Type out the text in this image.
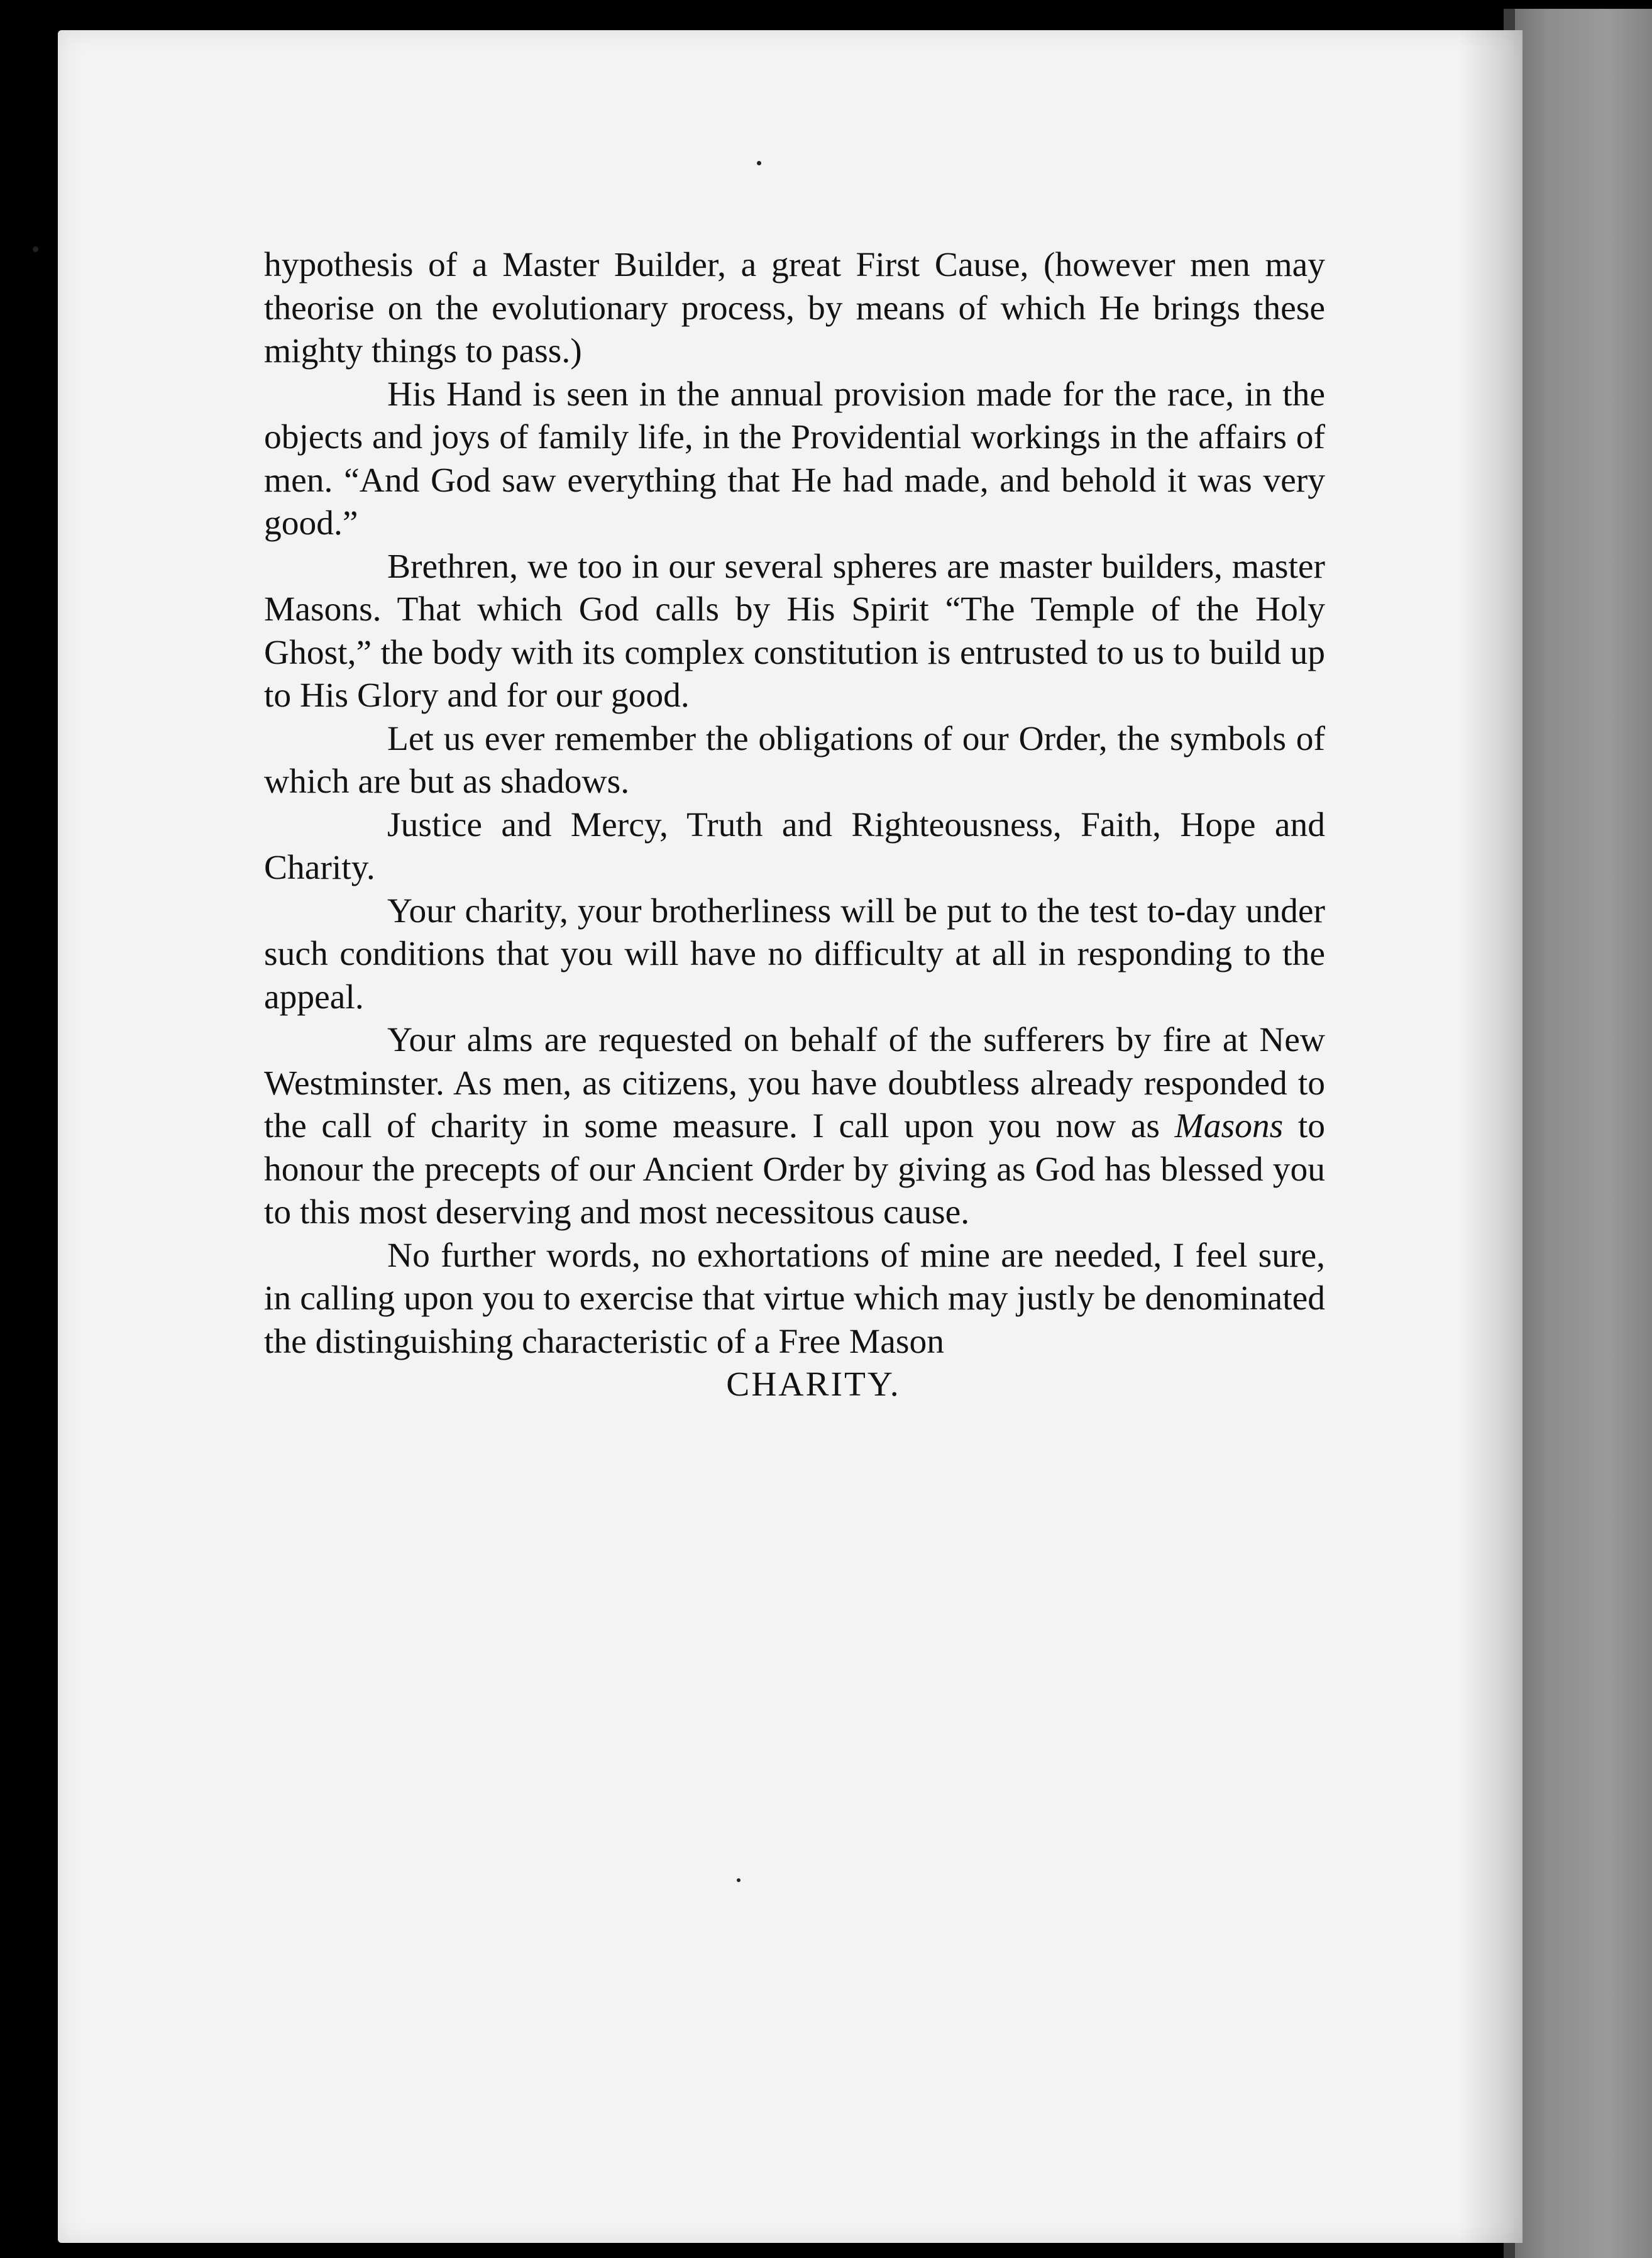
hypothesis of a Master Builder, a great First Cause, (however men may theorise on the evolutionary process, by means of which He brings these mighty things to pass.)

His Hand is seen in the annual provision made for the race, in the objects and joys of family life, in the Providential workings in the affairs of men. “And God saw everything that He had made, and behold it was very good.”

Brethren, we too in our several spheres are master builders, master Masons. That which God calls by His Spirit “The Temple of the Holy Ghost,” the body with its complex constitution is entrusted to us to build up to His Glory and for our good.

Let us ever remember the obligations of our Order, the symbols of which are but as shadows.

Justice and Mercy, Truth and Righteousness, Faith, Hope and Charity.

Your charity, your brotherliness will be put to the test to-day under such conditions that you will have no difficulty at all in responding to the appeal.

Your alms are requested on behalf of the sufferers by fire at New Westminster. As men, as citizens, you have doubtless already responded to the call of charity in some measure. I call upon you now as Masons to honour the precepts of our Ancient Order by giving as God has blessed you to this most deserving and most necessitous cause.

No further words, no exhortations of mine are needed, I feel sure, in calling upon you to exercise that virtue which may justly be denominated the distinguishing characteristic of a Free Mason

CHARITY.
